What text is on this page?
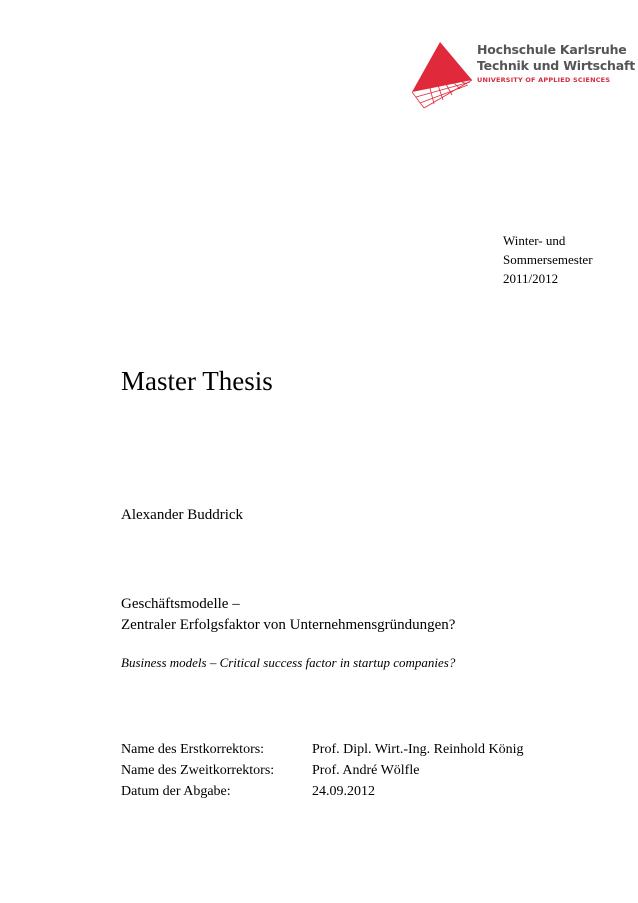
Hochschule Karlsruhe
Technik und Wirtschaft
UNIVERSITY OF APPLIED SCIENCES
Winter- und
Sommersemester
2011/2012
Master Thesis
Alexander Buddrick
Geschäftsmodelle –
Zentraler Erfolgsfaktor von Unternehmensgründungen?
Business models – Critical success factor in startup companies?
Name des Erstkorrektors:	Prof. Dipl. Wirt.-Ing. Reinhold König
Name des Zweitkorrektors:	Prof. André Wölfle
Datum der Abgabe:	24.09.2012
